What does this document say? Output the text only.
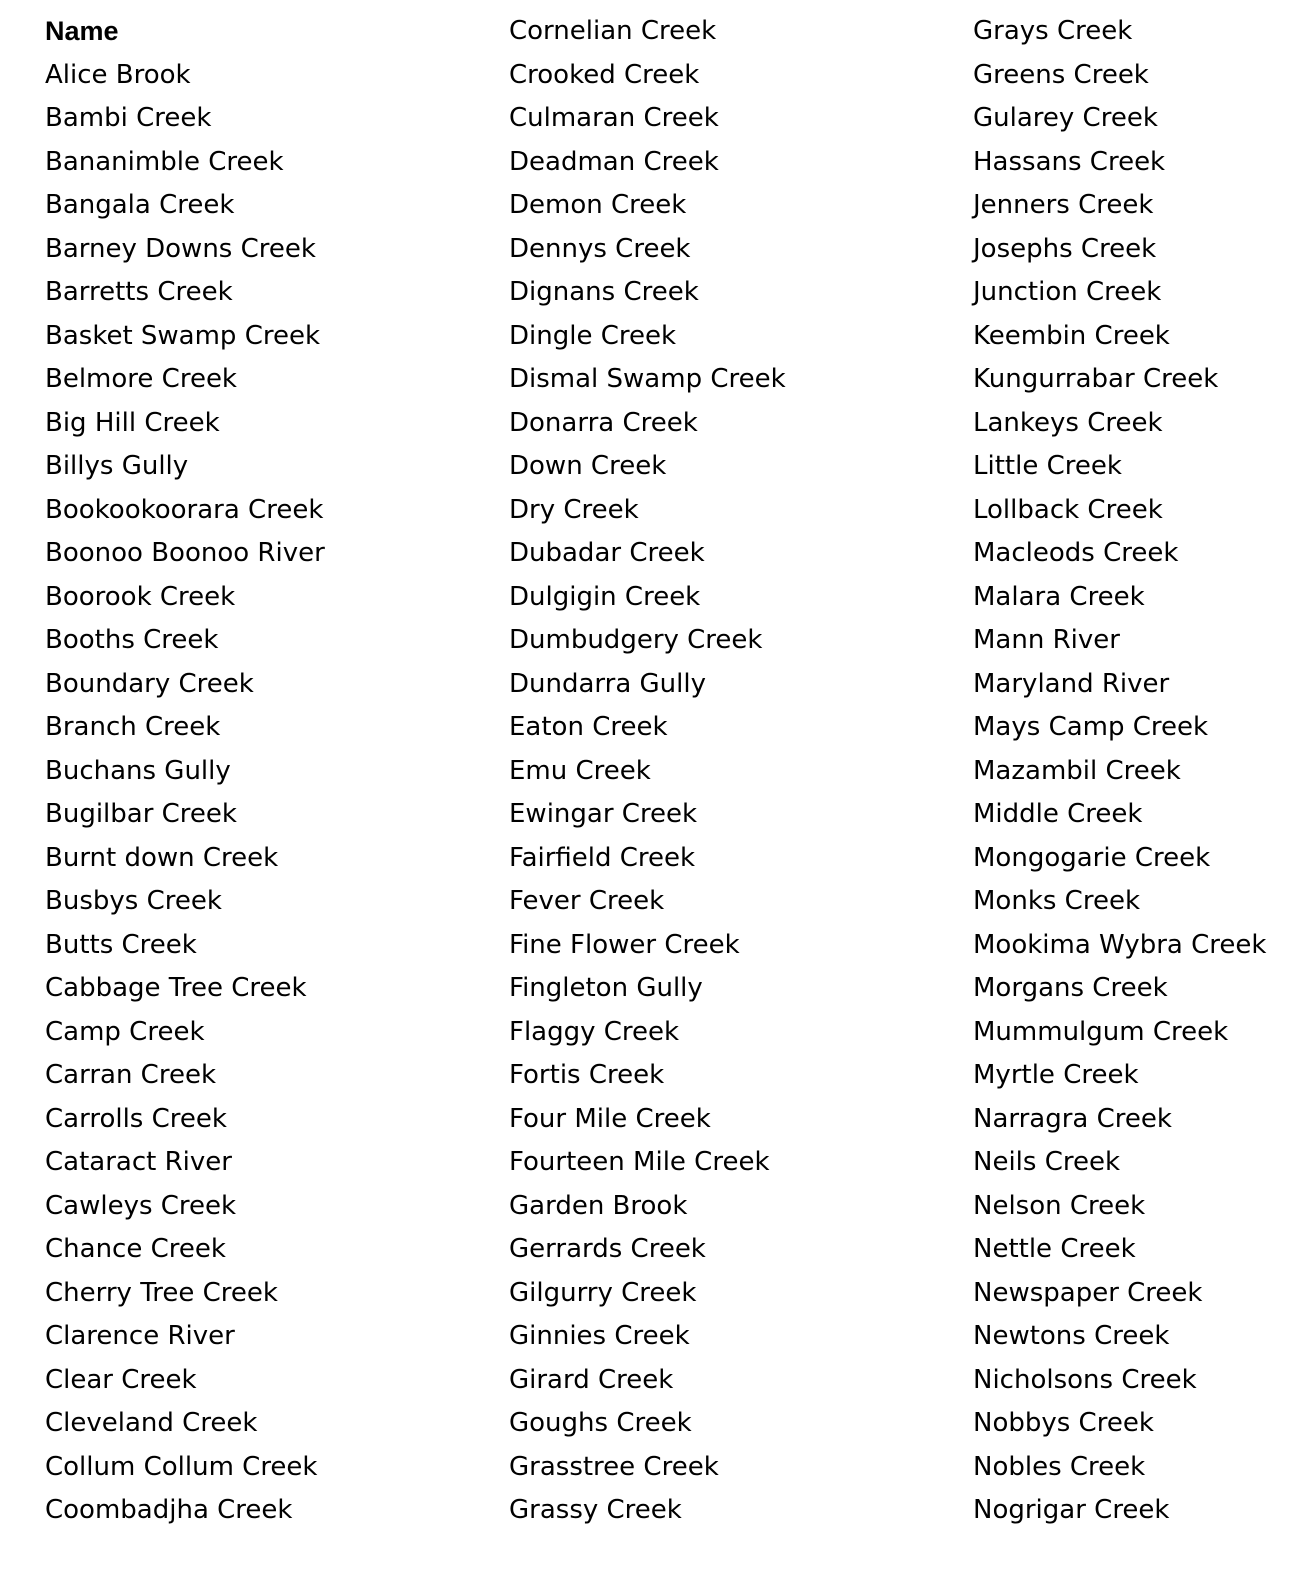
Name
Alice Brook
Bambi Creek
Bananimble Creek
Bangala Creek
Barney Downs Creek
Barretts Creek
Basket Swamp Creek
Belmore Creek
Big Hill Creek
Billys Gully
Bookookoorara Creek
Boonoo Boonoo River
Boorook Creek
Booths Creek
Boundary Creek
Branch Creek
Buchans Gully
Bugilbar Creek
Burnt down Creek
Busbys Creek
Butts Creek
Cabbage Tree Creek
Camp Creek
Carran Creek
Carrolls Creek
Cataract River
Cawleys Creek
Chance Creek
Cherry Tree Creek
Clarence River
Clear Creek
Cleveland Creek
Collum Collum Creek
Coombadjha Creek
Cornelian Creek
Crooked Creek
Culmaran Creek
Deadman Creek
Demon Creek
Dennys Creek
Dignans Creek
Dingle Creek
Dismal Swamp Creek
Donarra Creek
Down Creek
Dry Creek
Dubadar Creek
Dulgigin Creek
Dumbudgery Creek
Dundarra Gully
Eaton Creek
Emu Creek
Ewingar Creek
Fairfield Creek
Fever Creek
Fine Flower Creek
Fingleton Gully
Flaggy Creek
Fortis Creek
Four Mile Creek
Fourteen Mile Creek
Garden Brook
Gerrards Creek
Gilgurry Creek
Ginnies Creek
Girard Creek
Goughs Creek
Grasstree Creek
Grassy Creek
Grays Creek
Greens Creek
Gularey Creek
Hassans Creek
Jenners Creek
Josephs Creek
Junction Creek
Keembin Creek
Kungurrabar Creek
Lankeys Creek
Little Creek
Lollback Creek
Macleods Creek
Malara Creek
Mann River
Maryland River
Mays Camp Creek
Mazambil Creek
Middle Creek
Mongogarie Creek
Monks Creek
Mookima Wybra Creek
Morgans Creek
Mummulgum Creek
Myrtle Creek
Narragra Creek
Neils Creek
Nelson Creek
Nettle Creek
Newspaper Creek
Newtons Creek
Nicholsons Creek
Nobbys Creek
Nobles Creek
Nogrigar Creek
